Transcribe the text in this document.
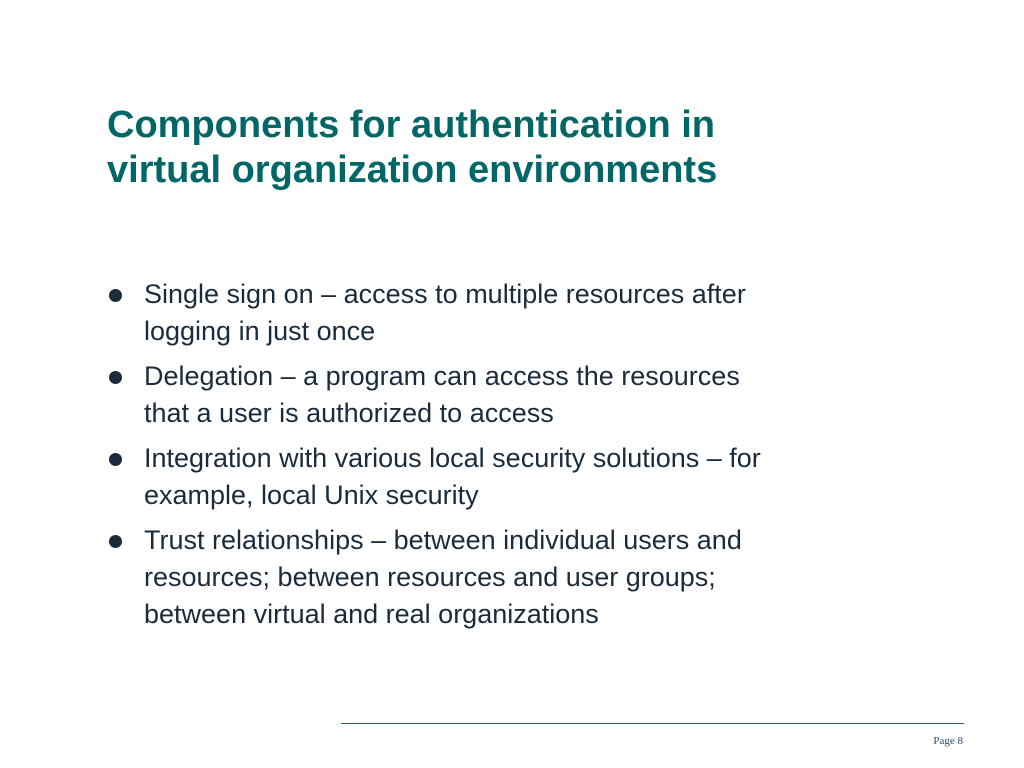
Components for authentication in
virtual organization environments
Single sign on – access to multiple resources after
logging in just once
Delegation – a program can access the resources
that a user is authorized to access
Integration with various local security solutions – for
example, local Unix security
Trust relationships – between individual users and
resources; between resources and user groups;
between virtual and real organizations
Page 8
